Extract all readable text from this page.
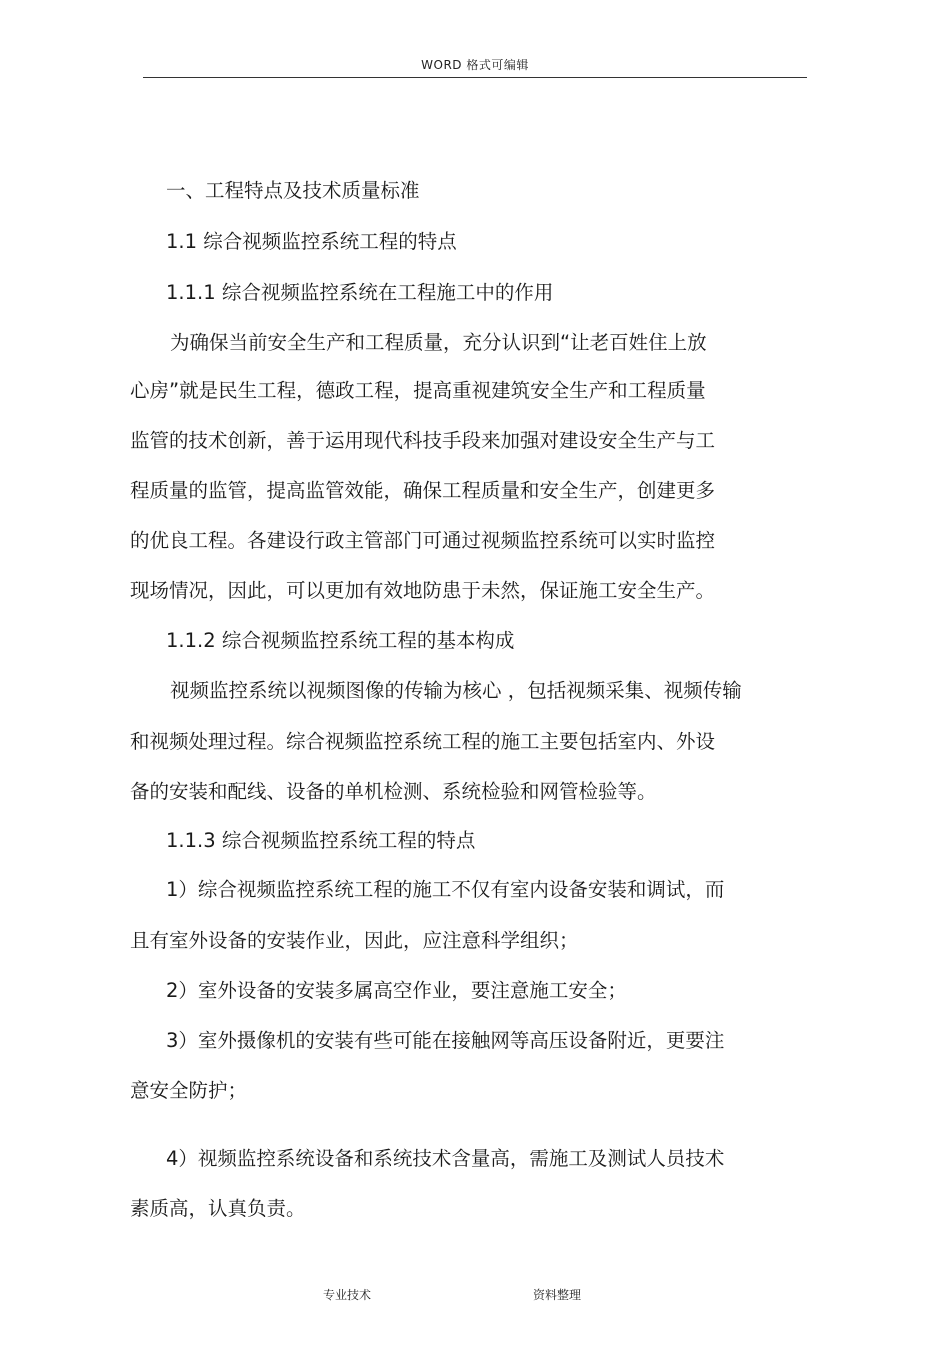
WORD 格式可编辑
一、工程特点及技术质量标准
1.1 综合视频监控系统工程的特点
1.1.1 综合视频监控系统在工程施工中的作用
为确保当前安全生产和工程质量，充分认识到“让老百姓住上放
心房”就是民生工程，德政工程，提高重视建筑安全生产和工程质量
监管的技术创新，善于运用现代科技手段来加强对建设安全生产与工
程质量的监管，提高监管效能，确保工程质量和安全生产，创建更多
的优良工程。各建设行政主管部门可通过视频监控系统可以实时监控
现场情况，因此，可以更加有效地防患于未然，保证施工安全生产。
1.1.2 综合视频监控系统工程的基本构成
视频监控系统以视频图像的传输为核心 ，包括视频采集、视频传输
和视频处理过程。综合视频监控系统工程的施工主要包括室内、外设
备的安装和配线、设备的单机检测、系统检验和网管检验等。
1.1.3 综合视频监控系统工程的特点
1）综合视频监控系统工程的施工不仅有室内设备安装和调试，而
且有室外设备的安装作业，因此，应注意科学组织；
2）室外设备的安装多属高空作业，要注意施工安全；
3）室外摄像机的安装有些可能在接触网等高压设备附近，更要注
意安全防护；
4）视频监控系统设备和系统技术含量高，需施工及测试人员技术
素质高，认真负责。
专业技术	资料整理
